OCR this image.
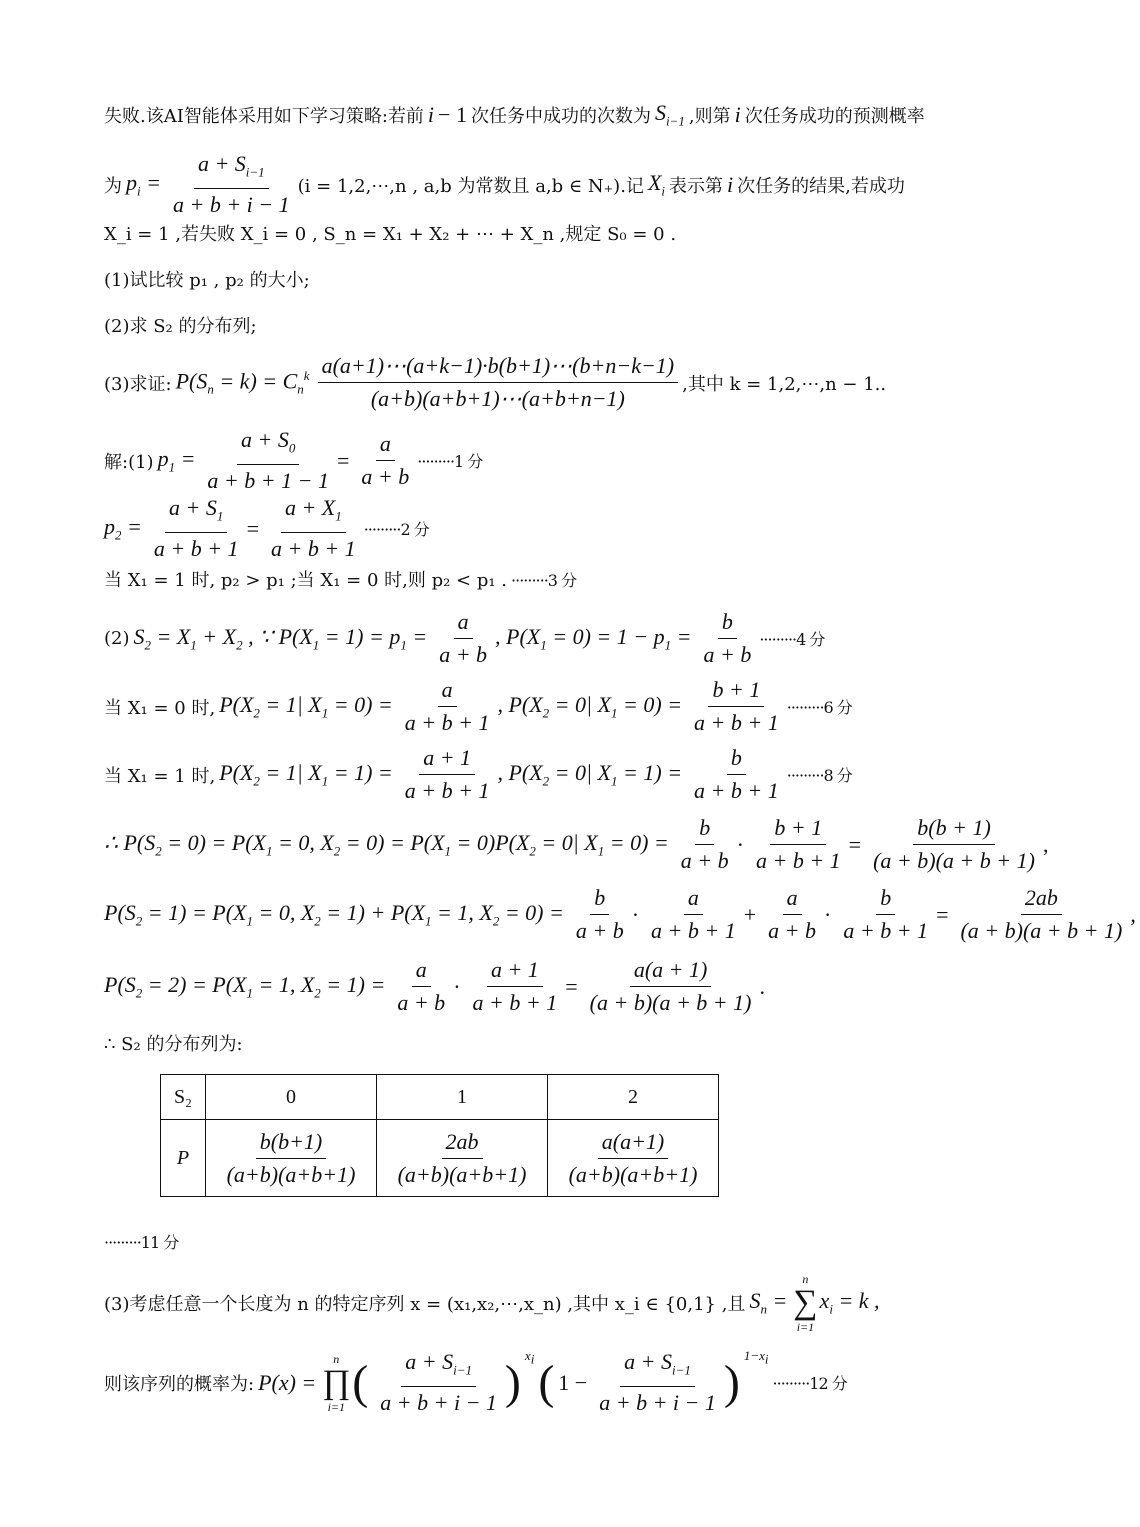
失败.该AI智能体采用如下学习策略:若前 i − 1 次任务中成功的次数为 $S_{i-1}$ ,则第 i 次任务成功的预测概率
为 $p_i = \frac{a + S_{i-1}}{a + b + i - 1} (i$ = 1,2,⋯,n , a,b 为常数且 a,b ∈ N₊).记 $X_i$ 表示第 i 次任务的结果,若成功
X_i = 1 ,若失败 X_i = 0 , S_n = X₁ + X₂ + ⋯ + X_n ,规定 S₀ = 0 .
(1)试比较 p₁ , p₂ 的大小;
(2)求 S₂ 的分布列;
(3)求证: $P(S_n = k) = C_n^k \frac{a(a+1)\cdots(a+k-1)\cdot b(b+1)\cdots(b+n-k-1)}{(a+b)(a+b+1)\cdots(a+b+n-1)}$ ,其中 k = 1,2,⋯,n − 1..
解:(1) $p_1 = \frac{a + S_0}{a + b + 1 - 1} = \frac{a}{a + b} \cdot\cdot\cdot\cdot\cdot\cdot\cdot\cdot\cdot 1$ 分
$p_2 = \frac{a + S_1}{a + b + 1} = \frac{a + X_1}{a + b + 1} \cdot\cdot\cdot\cdot\cdot\cdot\cdot\cdot\cdot 2$ 分
当 X₁ = 1 时, p₂ > p₁ ;当 X₁ = 0 时,则 p₂ < p₁ . ·········3 分
(2) $S_2 = X_1 + X_2$ , ∵ $P(X_1 = 1) = p_1 = \frac{a}{a + b}$ , $P(X_1 = 0) = 1 - p_1 = \frac{b}{a + b} \cdot\cdot\cdot\cdot\cdot\cdot\cdot\cdot\cdot 4$ 分
当 X₁ = 0 时, $P(X_2 = 1|$ $X_1 = 0) = \frac{a}{a + b + 1}$ , $P(X_2 = 0|$ $X_1 = 0) = \frac{b + 1}{a + b + 1} \cdot\cdot\cdot\cdot\cdot\cdot\cdot\cdot\cdot 6$ 分
当 X₁ = 1 时, $P(X_2 = 1|$ $X_1 = 1) = \frac{a + 1}{a + b + 1}$ , $P(X_2 = 0|$ $X_1 = 1) = \frac{b}{a + b + 1} \cdot\cdot\cdot\cdot\cdot\cdot\cdot\cdot\cdot 8$ 分
∴ $P(S_2 = 0) = P(X_1 = 0$, $X_2 = 0) = P(X_1 = 0)P(X_2 = 0|$ $X_1 = 0) = \frac{b}{a + b} \cdot \frac{b + 1}{a + b + 1} = \frac{b(b + 1)}{(a + b)(a + b + 1)}$ ,
$P(S_2 = 1) = P(X_1 = 0$, $X_2 = 1) + P(X_1 = 1$, $X_2 = 0) = \frac{b}{a + b} \cdot \frac{a}{a + b + 1} + \frac{a}{a + b} \cdot \frac{b}{a + b + 1} = \frac{2ab}{(a + b)(a + b + 1)}$ ,
$P(S_2 = 2) = P(X_1 = 1$, $X_2 = 1) = \frac{a}{a + b} \cdot \frac{a + 1}{a + b + 1} = \frac{a(a + 1)}{(a + b)(a + b + 1)}$ .
∴ S₂ 的分布列为:
S₂	0	1	2
P	$\frac{b(b+1)}{(a+b)(a+b+1)}$	$\frac{2ab}{(a+b)(a+b+1)}$	$\frac{a(a+1)}{(a+b)(a+b+1)}$
·········11 分
(3)考虑任意一个长度为 n 的特定序列 x = (x₁,x₂,⋯,x_n) ,其中 x_i ∈ {0,1} ,且 $S_n$ =
n
∑
i=1
$x_i = k$ ,
则该序列的概率为: P(x) =
n
∏
i=1 ( $\frac{a + S_{i-1}}{a + b + i - 1}$ )
$x_i$ ( $1 - \frac{a + S_{i-1}}{a + b + i - 1}$ )
$1-x_i$
·········12 分
